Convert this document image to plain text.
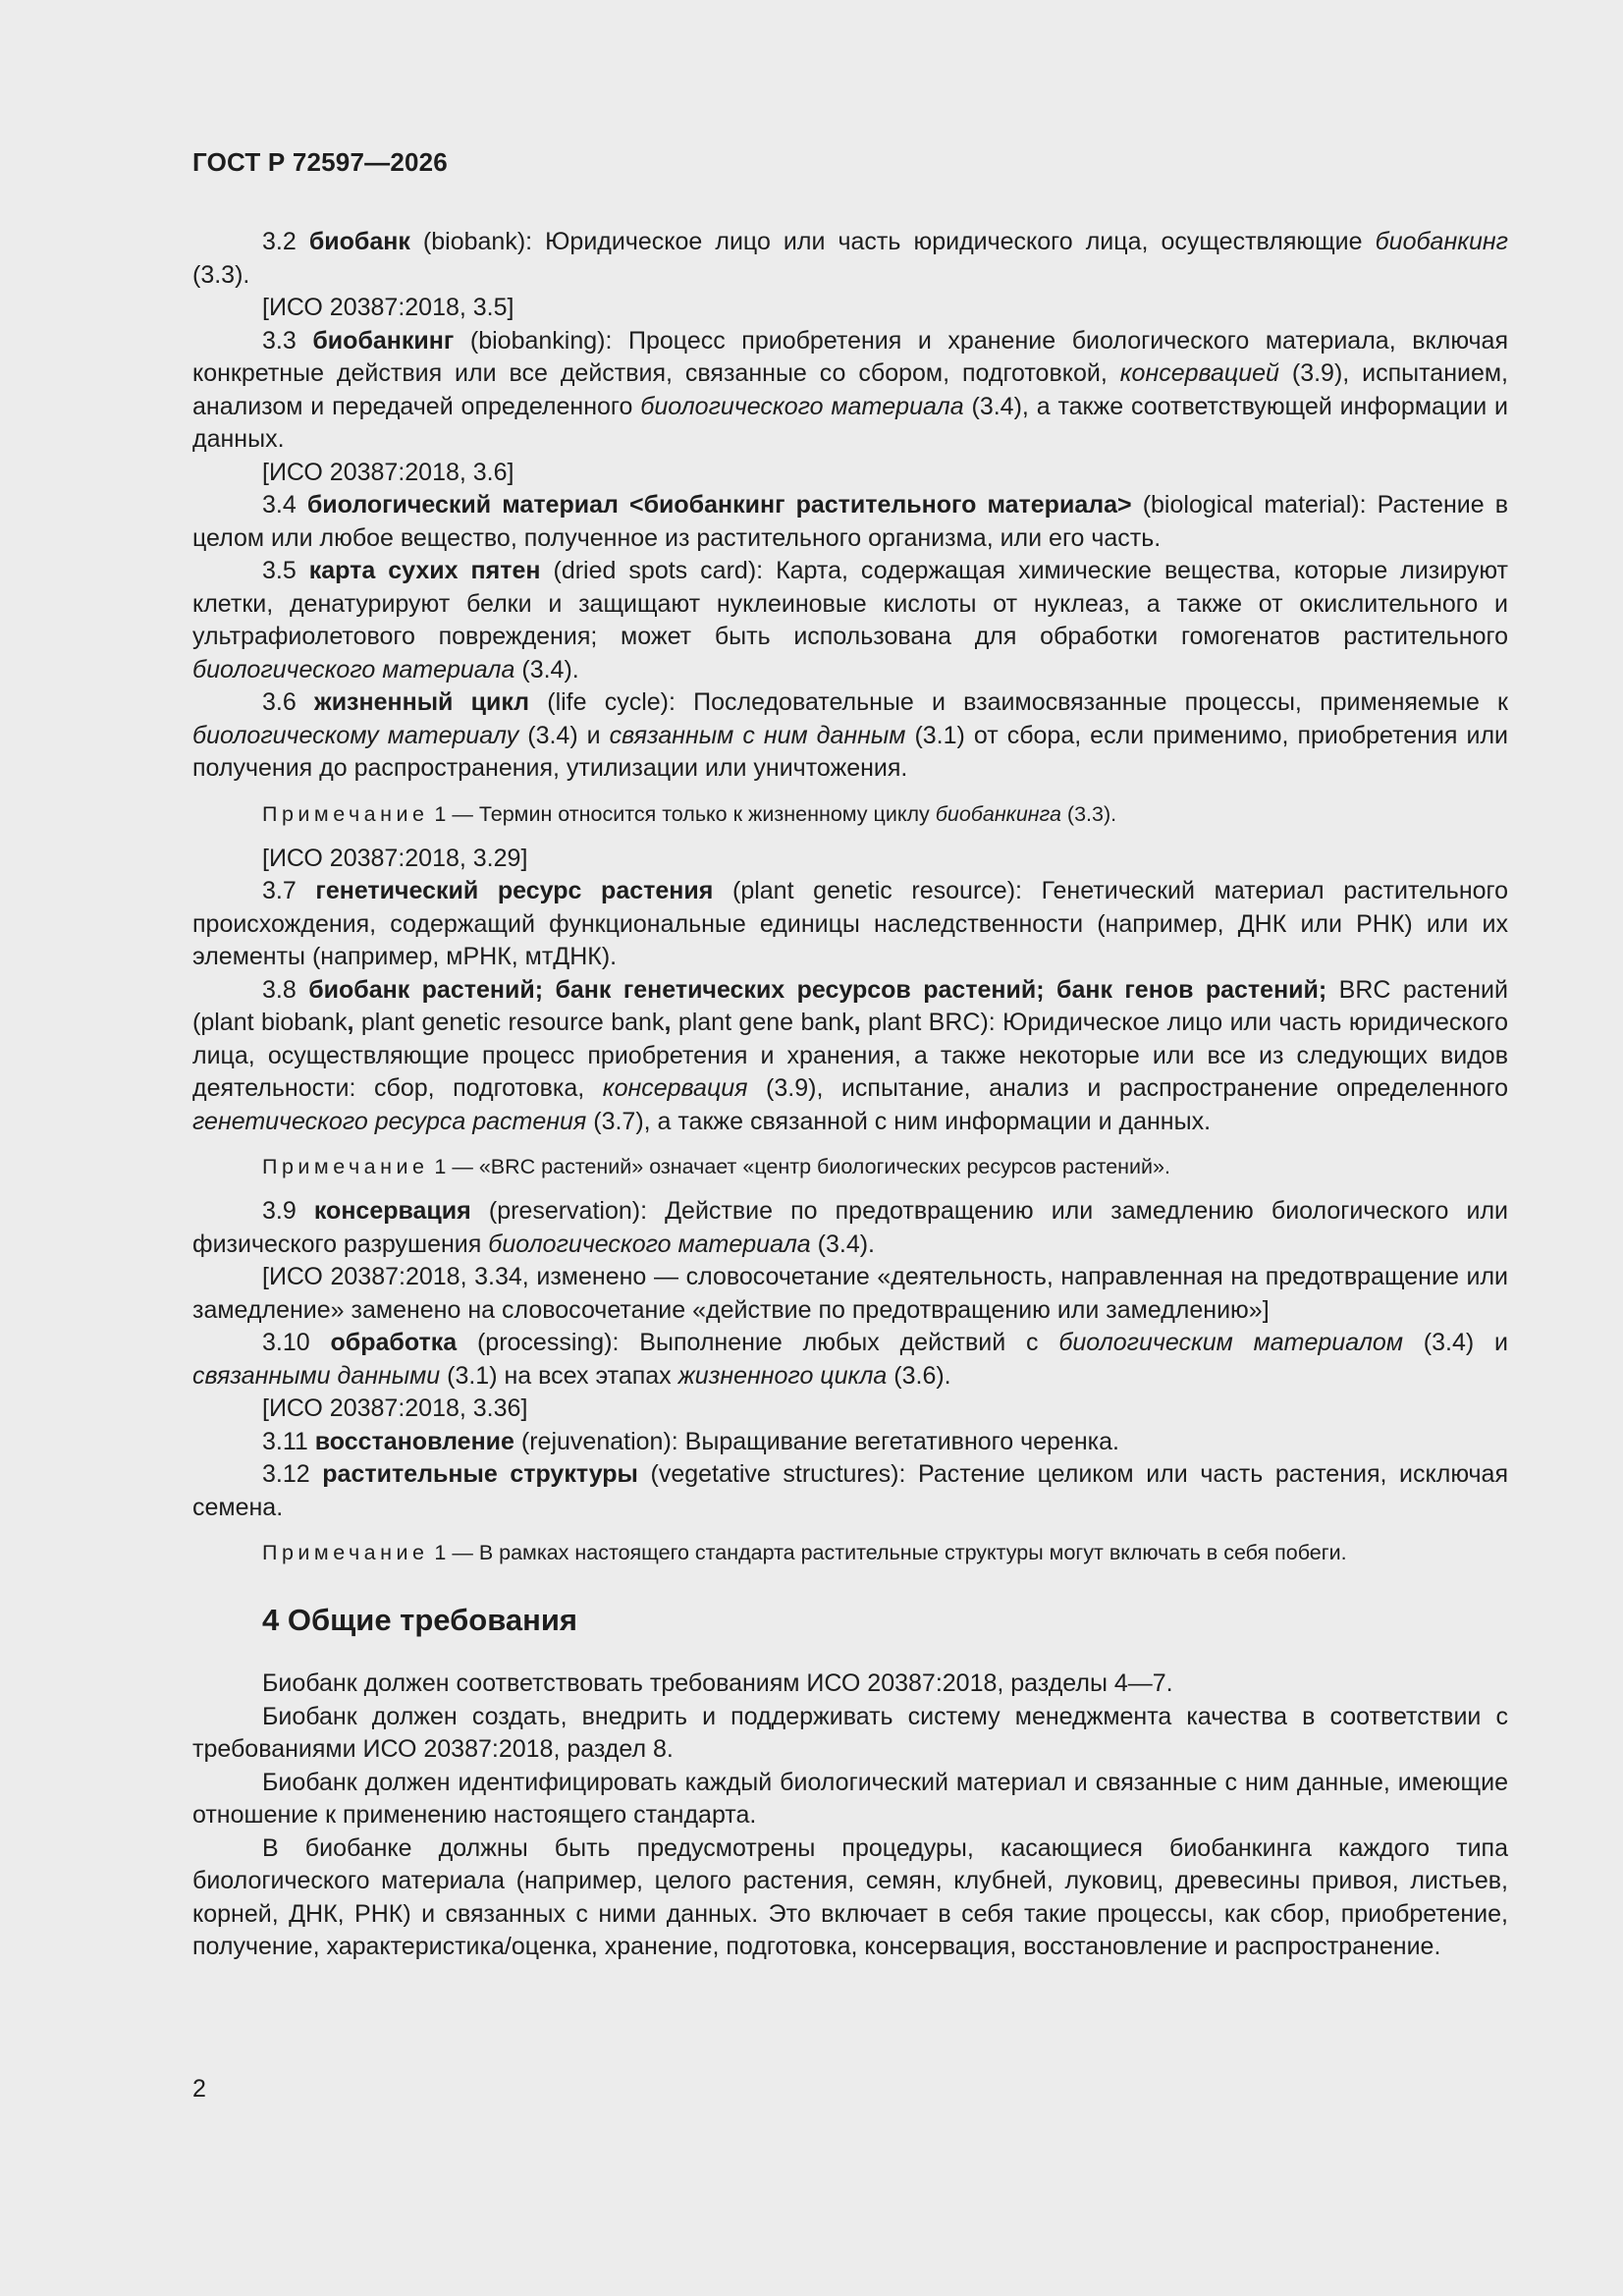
ГОСТ Р 72597—2026

3.2 биобанк (biobank): Юридическое лицо или часть юридического лица, осуществляющие биобанкинг (3.3).

[ИСО 20387:2018, 3.5]

3.3 биобанкинг (biobanking): Процесс приобретения и хранение биологического материала, включая конкретные действия или все действия, связанные со сбором, подготовкой, консервацией (3.9), испытанием, анализом и передачей определенного биологического материала (3.4), а также соответствующей информации и данных.

[ИСО 20387:2018, 3.6]

3.4 биологический материал <биобанкинг растительного материала> (biological material): Растение в целом или любое вещество, полученное из растительного организма, или его часть.

3.5 карта сухих пятен (dried spots card): Карта, содержащая химические вещества, которые лизируют клетки, денатурируют белки и защищают нуклеиновые кислоты от нуклеаз, а также от окислительного и ультрафиолетового повреждения; может быть использована для обработки гомогенатов растительного биологического материала (3.4).

3.6 жизненный цикл (life cycle): Последовательные и взаимосвязанные процессы, применяемые к биологическому материалу (3.4) и связанным с ним данным (3.1) от сбора, если применимо, приобретения или получения до распространения, утилизации или уничтожения.

Примечание 1 — Термин относится только к жизненному циклу биобанкинга (3.3).

[ИСО 20387:2018, 3.29]

3.7 генетический ресурс растения (plant genetic resource): Генетический материал растительного происхождения, содержащий функциональные единицы наследственности (например, ДНК или РНК) или их элементы (например, мРНК, мтДНК).

3.8 биобанк растений; банк генетических ресурсов растений; банк генов растений; BRC растений (plant biobank, plant genetic resource bank, plant gene bank, plant BRC): Юридическое лицо или часть юридического лица, осуществляющие процесс приобретения и хранения, а также некоторые или все из следующих видов деятельности: сбор, подготовка, консервация (3.9), испытание, анализ и распространение определенного генетического ресурса растения (3.7), а также связанной с ним информации и данных.

Примечание 1 — «BRC растений» означает «центр биологических ресурсов растений».

3.9 консервация (preservation): Действие по предотвращению или замедлению биологического или физического разрушения биологического материала (3.4).

[ИСО 20387:2018, 3.34, изменено — словосочетание «деятельность, направленная на предотвращение или замедление» заменено на словосочетание «действие по предотвращению или замедлению»]

3.10 обработка (processing): Выполнение любых действий с биологическим материалом (3.4) и связанными данными (3.1) на всех этапах жизненного цикла (3.6).

[ИСО 20387:2018, 3.36]

3.11 восстановление (rejuvenation): Выращивание вегетативного черенка.

3.12 растительные структуры (vegetative structures): Растение целиком или часть растения, исключая семена.

Примечание 1 — В рамках настоящего стандарта растительные структуры могут включать в себя побеги.

4 Общие требования

Биобанк должен соответствовать требованиям ИСО 20387:2018, разделы 4—7.

Биобанк должен создать, внедрить и поддерживать систему менеджмента качества в соответствии с требованиями ИСО 20387:2018, раздел 8.

Биобанк должен идентифицировать каждый биологический материал и связанные с ним данные, имеющие отношение к применению настоящего стандарта.

В биобанке должны быть предусмотрены процедуры, касающиеся биобанкинга каждого типа биологического материала (например, целого растения, семян, клубней, луковиц, древесины привоя, листьев, корней, ДНК, РНК) и связанных с ними данных. Это включает в себя такие процессы, как сбор, приобретение, получение, характеристика/оценка, хранение, подготовка, консервация, восстановление и распространение.

2
